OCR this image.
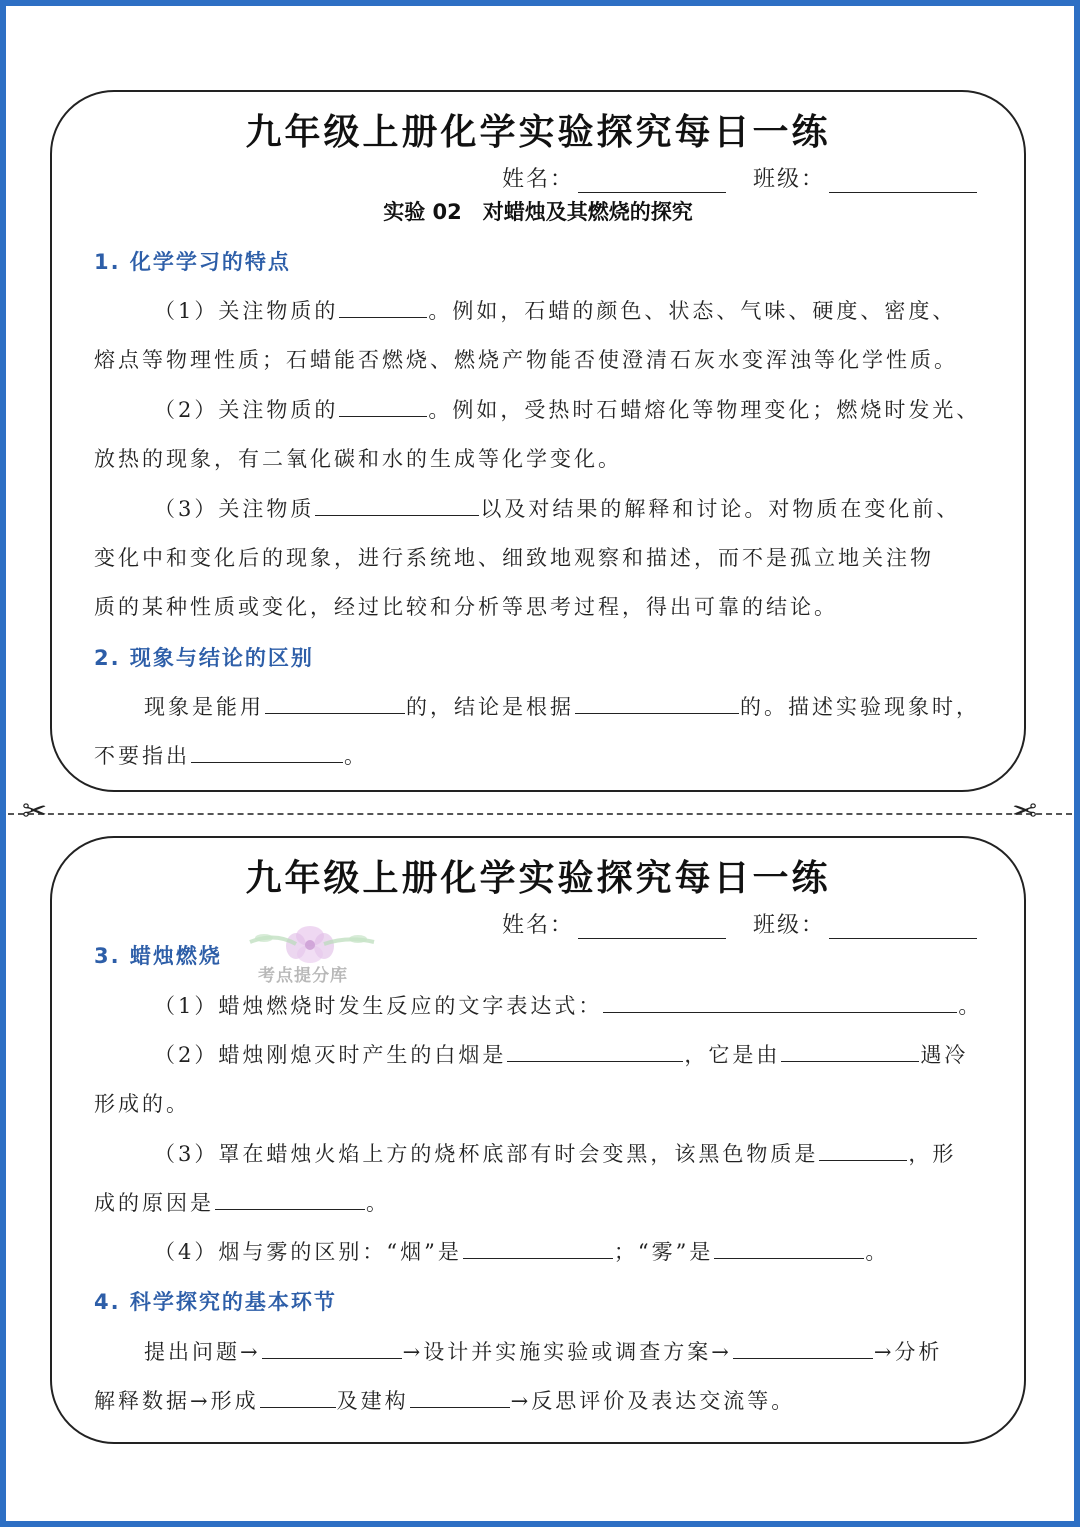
九年级上册化学实验探究每日一练
姓名：	班级：
实验 02　对蜡烛及其燃烧的探究
1. 化学学习的特点
（1）关注物质的	。例如，石蜡的颜色、状态、气味、硬度、密度、
熔点等物理性质；石蜡能否燃烧、燃烧产物能否使澄清石灰水变浑浊等化学性质。
（2）关注物质的	。例如，受热时石蜡熔化等物理变化；燃烧时发光、
放热的现象，有二氧化碳和水的生成等化学变化。
（3）关注物质	以及对结果的解释和讨论。对物质在变化前、
变化中和变化后的现象，进行系统地、细致地观察和描述，而不是孤立地关注物
质的某种性质或变化，经过比较和分析等思考过程，得出可靠的结论。
2. 现象与结论的区别
现象是能用	的，结论是根据	的。描述实验现象时，
不要指出	。
✂	✂
九年级上册化学实验探究每日一练
姓名：	班级：
3. 蜡烛燃烧
（1）蜡烛燃烧时发生反应的文字表达式：	。
（2）蜡烛刚熄灭时产生的白烟是	，它是由	遇冷
形成的。
（3）罩在蜡烛火焰上方的烧杯底部有时会变黑，该黑色物质是	，形
成的原因是	。
（4）烟与雾的区别：“烟”是	；“雾”是	。
4. 科学探究的基本环节
提出问题→	→设计并实施实验或调查方案→	→分析
解释数据→形成	及建构	→反思评价及表达交流等。
考点提分库
